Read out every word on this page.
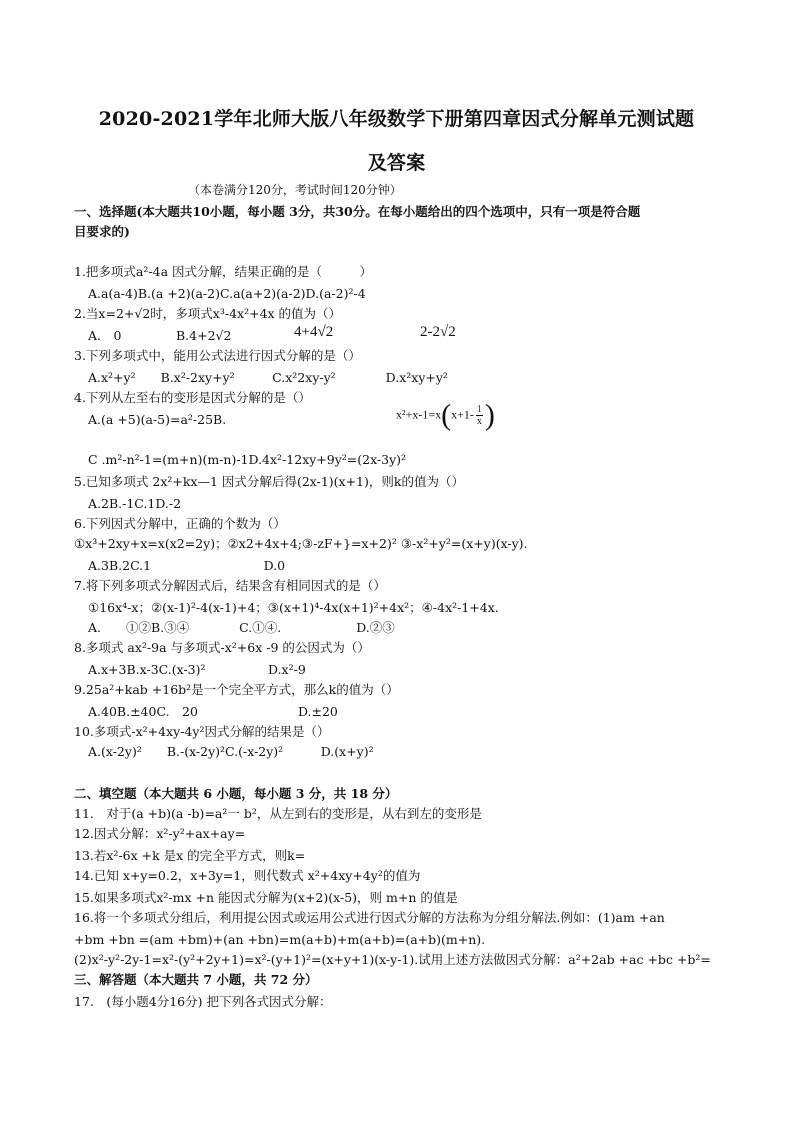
2020-2021学年北师大版八年级数学下册第四章因式分解单元测试题
及答案
（本卷满分120分，考试时间120分钟）
一、选择题(本大题共10小题，每小题 3分，共30分。在每小题给出的四个选项中，只有一项是符合题
目要求的)
1.把多项式a²-4a 因式分解，结果正确的是（　　　）
A.a(a-4)B.(a +2)(a-2)C.a(a+2)(a-2)D.(a-2)²-4
2.当x=2+√2时，多项式x³-4x²+4x 的值为（）
A.　0	B.4+2√2	4+4√2	2-2√2
3.下列多项式中，能用公式法进行因式分解的是（）
A.x²+y²　　B.x²-2xy+y²　　　C.x²2xy-y²　　　　D.x²xy+y²
4.下列从左至右的变形是因式分解的是（）
A.(a +5)(a-5)=a²-25B.	$x^2+x-1=x(x+1- \frac{1}{x}$ )
C .m²-n²-1=(m+n)(m-n)-1D.4x²-12xy+9y²=(2x-3y)²
5.已知多项式 2x²+kx—1 因式分解后得(2x-1)(x+1)，则k的值为（）
A.2B.-1C.1D.-2
6.下列因式分解中，正确的个数为（）
①x³+2xy+x=x(x2=2y)；②x2+4x+4;③-zF+}=x+2)² ③-x²+y²=(x+y)(x-y).
A.3B.2C.1　　　　　　　　　D.0
7.将下列多项式分解因式后，结果含有相同因式的是（）
①16x⁴-x；②(x-1)²-4(x-1)+4；③(x+1)⁴-4x(x+1)²+4x²；④-4x²-1+4x.
A.　　①②B.③④　　　　C.①④.　　　　　　D.②③
8.多项式 ax²-9a 与多项式-x²+6x -9 的公因式为（）
A.x+3B.x-3C.(x-3)²　　　　　D.x²-9
9.25a²+kab +16b²是一个完全平方式，那么k的值为（）
A.40B.±40C.　20　　　　　　　　D.±20
10.多项式-x²+4xy-4y²因式分解的结果是（）
A.(x-2y)²　　B.-(x-2y)²C.(-x-2y)²　　　D.(x+y)²
二、填空题（本大题共 6 小题，每小题 3 分，共 18 分）
11.　对于(a +b)(a -b)=a²一 b²，从左到右的变形是，从右到左的变形是
12.因式分解：x²-y²+ax+ay=
13.若x²-6x +k 是x 的完全平方式，则k=
14.已知 x+y=0.2，x+3y=1，则代数式 x²+4xy+4y²的值为
15.如果多项式x²-mx +n 能因式分解为(x+2)(x-5)，则 m+n 的值是
16.将一个多项式分组后，利用提公因式或运用公式进行因式分解的方法称为分组分解法.例如：(1)am +an
+bm +bn =(am +bm)+(an +bn)=m(a+b)+m(a+b)=(a+b)(m+n).
(2)x²-y²-2y-1=x²-(y²+2y+1)=x²-(y+1)²=(x+y+1)(x-y-1).试用上述方法做因式分解：a²+2ab +ac +bc +b²=
三、解答题（本大题共 7 小题，共 72 分）
17.　(每小题4分16分) 把下列各式因式分解：
